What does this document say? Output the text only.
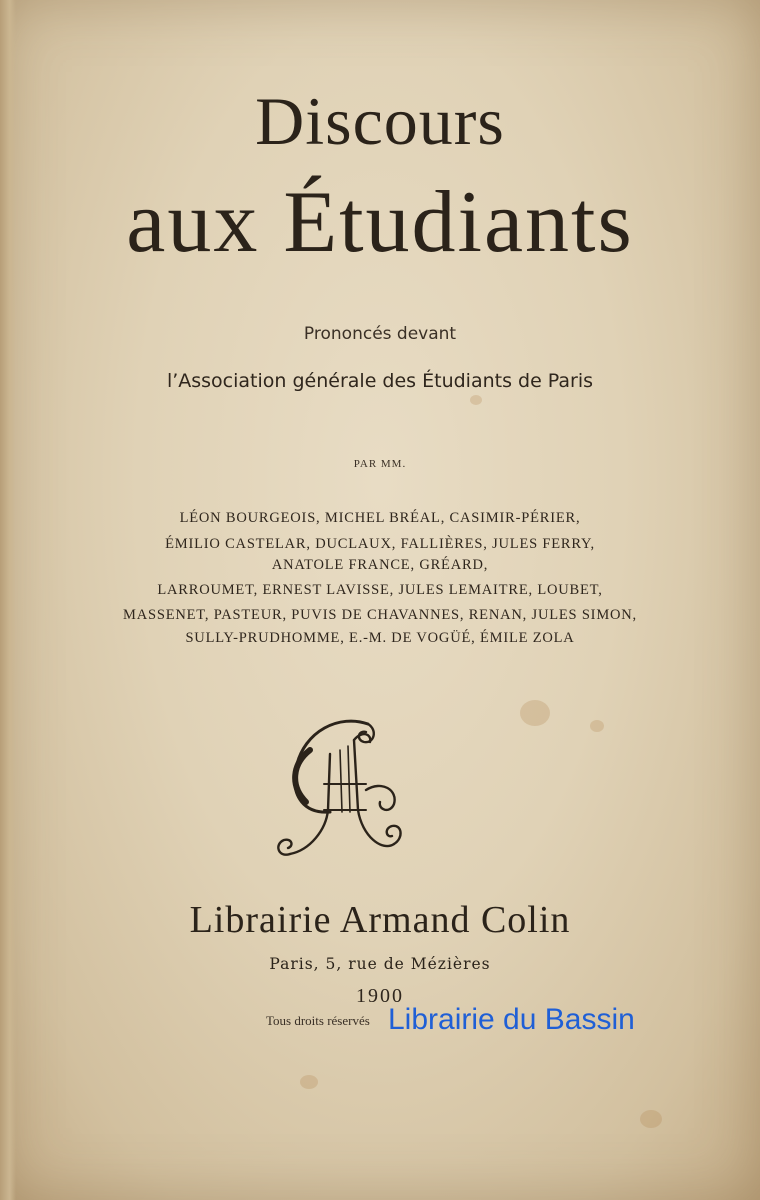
Discours
aux Étudiants
Prononcés devant
l’Association générale des Étudiants de Paris
PAR MM.
LÉON BOURGEOIS, MICHEL BRÉAL, CASIMIR-PÉRIER,
ÉMILIO CASTELAR, DUCLAUX, FALLIÈRES, JULES FERRY,
ANATOLE FRANCE, GRÉARD,
LARROUMET, ERNEST LAVISSE, JULES LEMAITRE, LOUBET,
MASSENET, PASTEUR, PUVIS DE CHAVANNES, RENAN, JULES SIMON,
SULLY-PRUDHOMME, E.-M. DE VOGÜÉ, ÉMILE ZOLA
Librairie Armand Colin
Paris, 5, rue de Mézières
1900
Tous droits réservés Librairie du Bassin
